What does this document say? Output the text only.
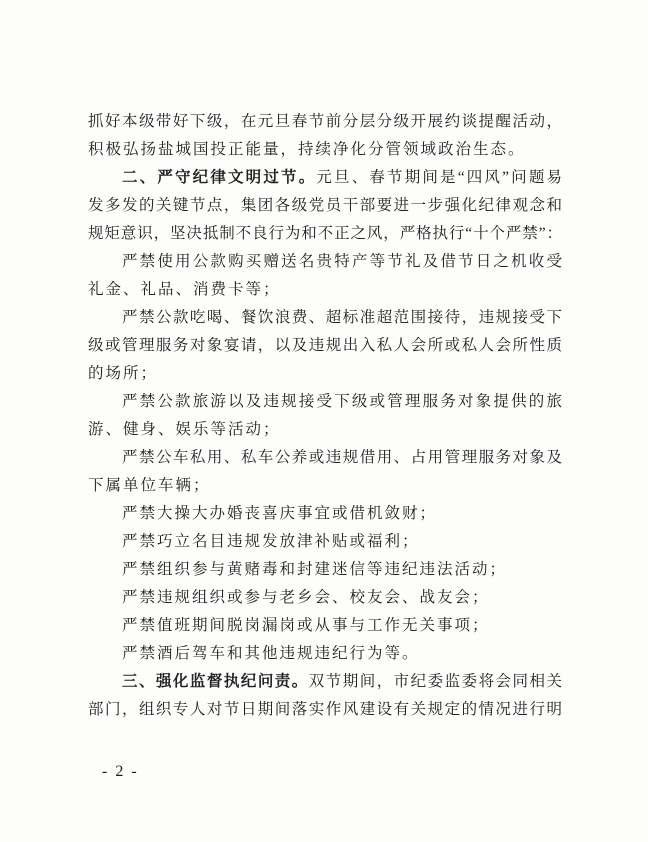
抓好本级带好下级，在元旦春节前分层分级开展约谈提醒活动，
积极弘扬盐城国投正能量，持续净化分管领域政治生态。
二、严守纪律文明过节。元旦、春节期间是“四风”问题易
发多发的关键节点，集团各级党员干部要进一步强化纪律观念和
规矩意识，坚决抵制不良行为和不正之风，严格执行“十个严禁”：
严禁使用公款购买赠送名贵特产等节礼及借节日之机收受
礼金、礼品、消费卡等；
严禁公款吃喝、餐饮浪费、超标准超范围接待，违规接受下
级或管理服务对象宴请，以及违规出入私人会所或私人会所性质
的场所；
严禁公款旅游以及违规接受下级或管理服务对象提供的旅
游、健身、娱乐等活动；
严禁公车私用、私车公养或违规借用、占用管理服务对象及
下属单位车辆；
严禁大操大办婚丧喜庆事宜或借机敛财；
严禁巧立名目违规发放津补贴或福利；
严禁组织参与黄赌毒和封建迷信等违纪违法活动；
严禁违规组织或参与老乡会、校友会、战友会；
严禁值班期间脱岗漏岗或从事与工作无关事项；
严禁酒后驾车和其他违规违纪行为等。
三、强化监督执纪问责。双节期间，市纪委监委将会同相关
部门，组织专人对节日期间落实作风建设有关规定的情况进行明
- 2 -
